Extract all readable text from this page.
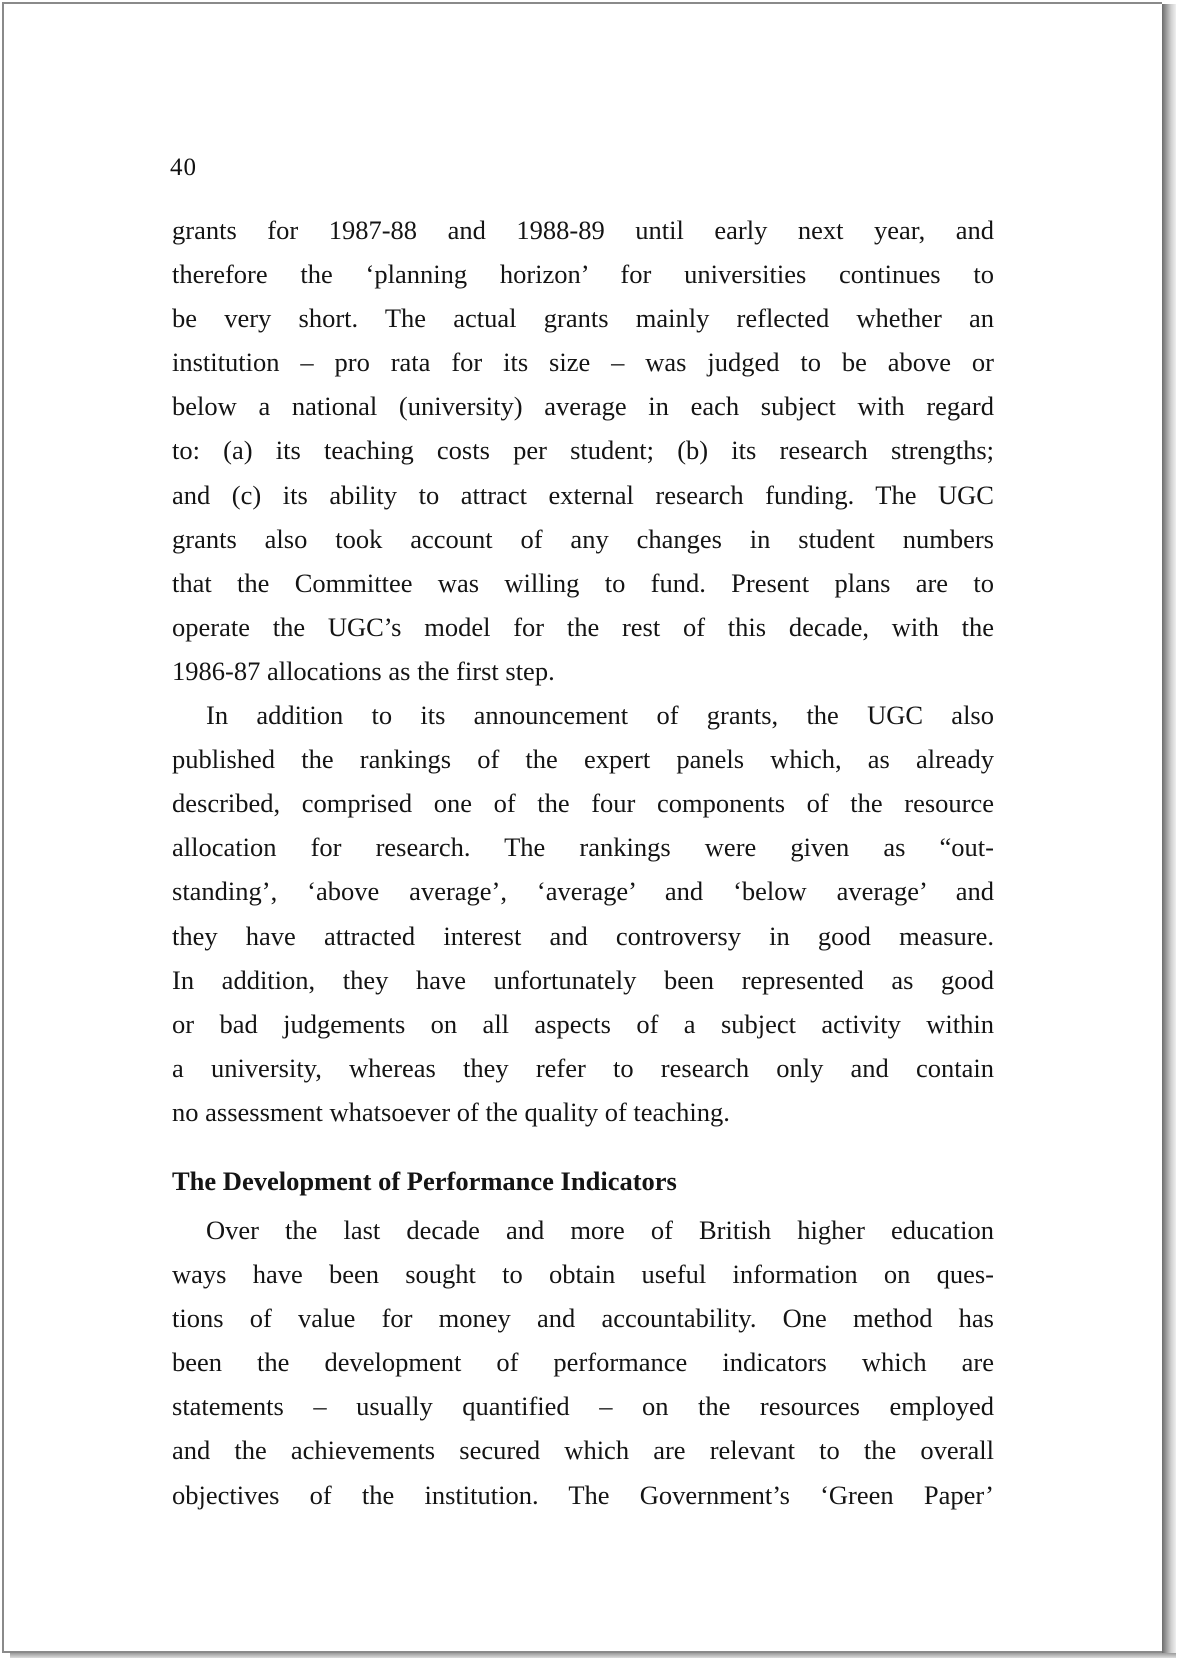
40
grants for 1987-88 and 1988-89 until early next year, and
therefore the ‘planning horizon’ for universities continues to
be very short. The actual grants mainly reflected whether an
institution – pro rata for its size – was judged to be above or
below a national (university) average in each subject with regard
to: (a) its teaching costs per student; (b) its research strengths;
and (c) its ability to attract external research funding. The UGC
grants also took account of any changes in student numbers
that the Committee was willing to fund. Present plans are to
operate the UGC’s model for the rest of this decade, with the
1986-87 allocations as the first step.
In addition to its announcement of grants, the UGC also
published the rankings of the expert panels which, as already
described, comprised one of the four components of the resource
allocation for research. The rankings were given as “out-
standing’, ‘above average’, ‘average’ and ‘below average’ and
they have attracted interest and controversy in good measure.
In addition, they have unfortunately been represented as good
or bad judgements on all aspects of a subject activity within
a university, whereas they refer to research only and contain
no assessment whatsoever of the quality of teaching.
The Development of Performance Indicators
Over the last decade and more of British higher education
ways have been sought to obtain useful information on ques-
tions of value for money and accountability. One method has
been the development of performance indicators which are
statements – usually quantified – on the resources employed
and the achievements secured which are relevant to the overall
objectives of the institution. The Government’s ‘Green Paper’
